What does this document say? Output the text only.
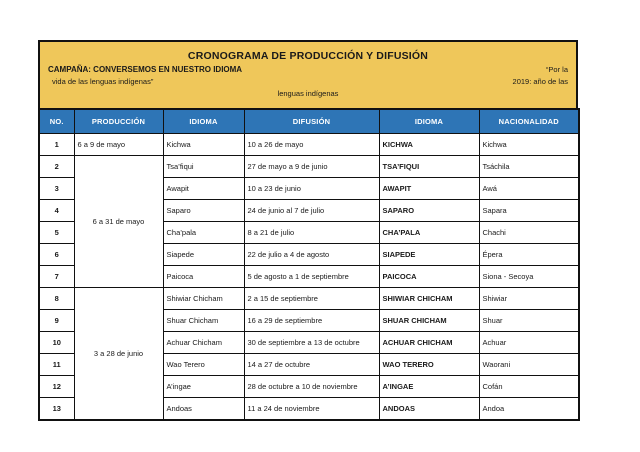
CRONOGRAMA DE PRODUCCIÓN Y DIFUSIÓN
CAMPAÑA: CONVERSEMOS EN NUESTRO IDIOMA	“Por la
vida de las lenguas indígenas”	2019: año de las
lenguas indígenas
NO.	PRODUCCIÓN	IDIOMA	DIFUSIÓN	IDIOMA	NACIONALIDAD
1	6 a 9 de mayo	Kichwa	10 a 26 de mayo	KICHWA	Kichwa
2	6 a 31 de mayo	Tsa’fiqui	27 de mayo a 9 de junio	TSA’FIQUI	Tsáchila
3		Awapit	10 a 23 de junio	AWAPIT	Awá
4		Saparo	24 de junio al 7 de julio	SAPARO	Sapara
5		Cha’pala	8 a 21 de julio	CHA’PALA	Chachi
6		Siapede	22 de julio a 4 de agosto	SIAPEDE	Épera
7		Paicoca	5 de agosto a 1 de septiembre	PAICOCA	Siona - Secoya
8	3 a 28 de junio	Shiwiar Chicham	2 a 15 de septiembre	SHIWIAR CHICHAM	Shiwiar
9		Shuar Chicham	16 a 29 de septiembre	SHUAR CHICHAM	Shuar
10		Achuar Chicham	30 de septiembre a 13 de octubre	ACHUAR CHICHAM	Achuar
11		Wao Terero	14 a 27 de octubre	WAO TERERO	Waorani
12		A’ingae	28 de octubre a 10 de noviembre	A’INGAE	Cofán
13		Andoas	11 a 24 de noviembre	ANDOAS	Andoa
